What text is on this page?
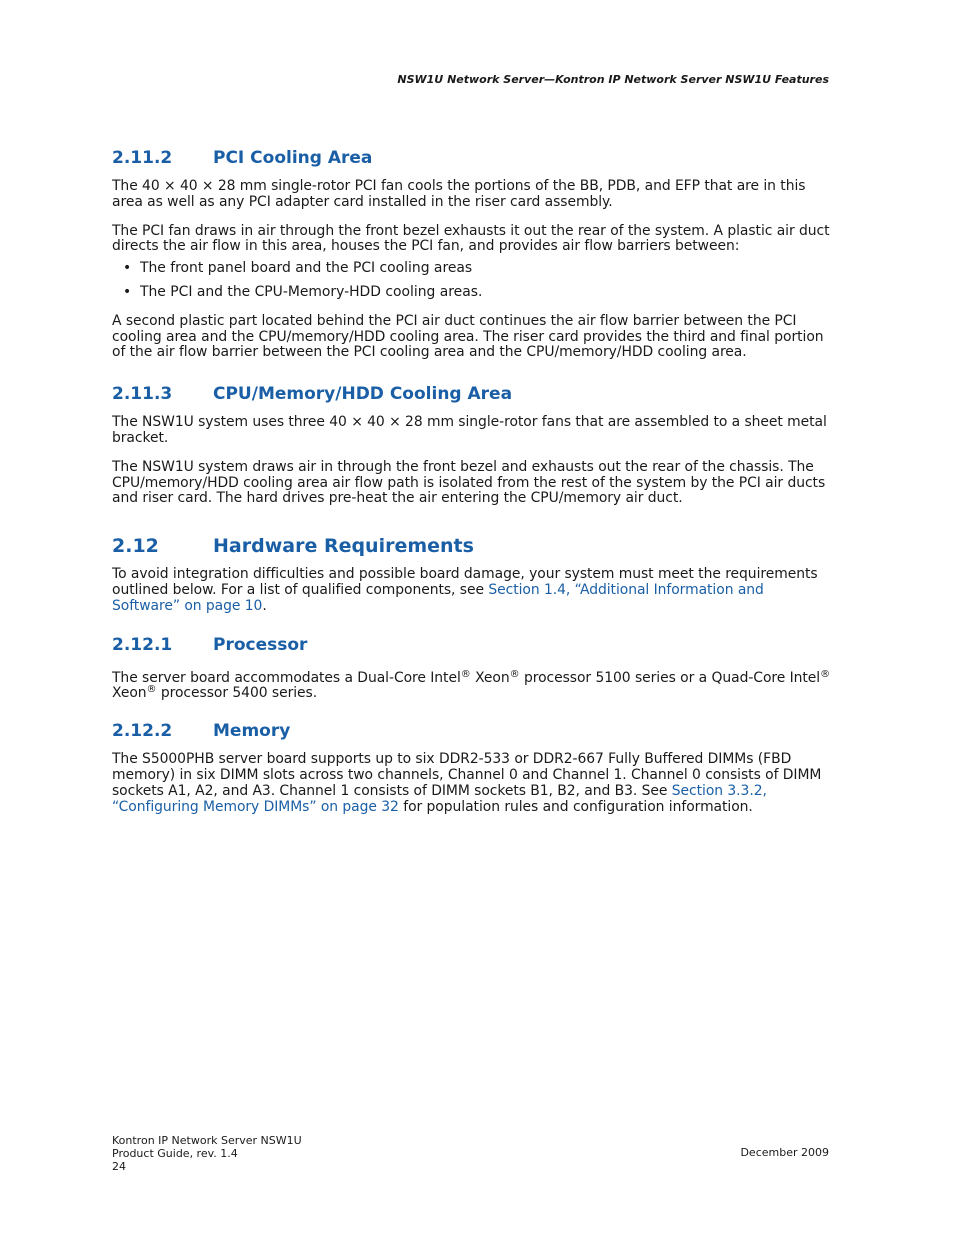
NSW1U Network Server—Kontron IP Network Server NSW1U Features
2.11.2	PCI Cooling Area

The 40 × 40 × 28 mm single-rotor PCI fan cools the portions of the BB, PDB, and EFP that are in this area as well as any PCI adapter card installed in the riser card assembly.

The PCI fan draws in air through the front bezel exhausts it out the rear of the system. A plastic air duct directs the air flow in this area, houses the PCI fan, and provides air flow barriers between:

• The front panel board and the PCI cooling areas
• The PCI and the CPU-Memory-HDD cooling areas.

A second plastic part located behind the PCI air duct continues the air flow barrier between the PCI cooling area and the CPU/memory/HDD cooling area. The riser card provides the third and final portion of the air flow barrier between the PCI cooling area and the CPU/memory/HDD cooling area.

2.11.3	CPU/Memory/HDD Cooling Area

The NSW1U system uses three 40 × 40 × 28 mm single-rotor fans that are assembled to a sheet metal bracket.

The NSW1U system draws air in through the front bezel and exhausts out the rear of the chassis. The CPU/memory/HDD cooling area air flow path is isolated from the rest of the system by the PCI air ducts and riser card. The hard drives pre-heat the air entering the CPU/memory air duct.

2.12	Hardware Requirements

To avoid integration difficulties and possible board damage, your system must meet the requirements outlined below. For a list of qualified components, see Section 1.4, “Additional Information and Software” on page 10.

2.12.1	Processor

The server board accommodates a Dual-Core Intel® Xeon® processor 5100 series or a Quad-Core Intel® Xeon® processor 5400 series.

2.12.2	Memory

The S5000PHB server board supports up to six DDR2-533 or DDR2-667 Fully Buffered DIMMs (FBD memory) in six DIMM slots across two channels, Channel 0 and Channel 1. Channel 0 consists of DIMM sockets A1, A2, and A3. Channel 1 consists of DIMM sockets B1, B2, and B3. See Section 3.3.2, “Configuring Memory DIMMs” on page 32 for population rules and configuration information.

Kontron IP Network Server NSW1U
Product Guide, rev. 1.4
24
December 2009
